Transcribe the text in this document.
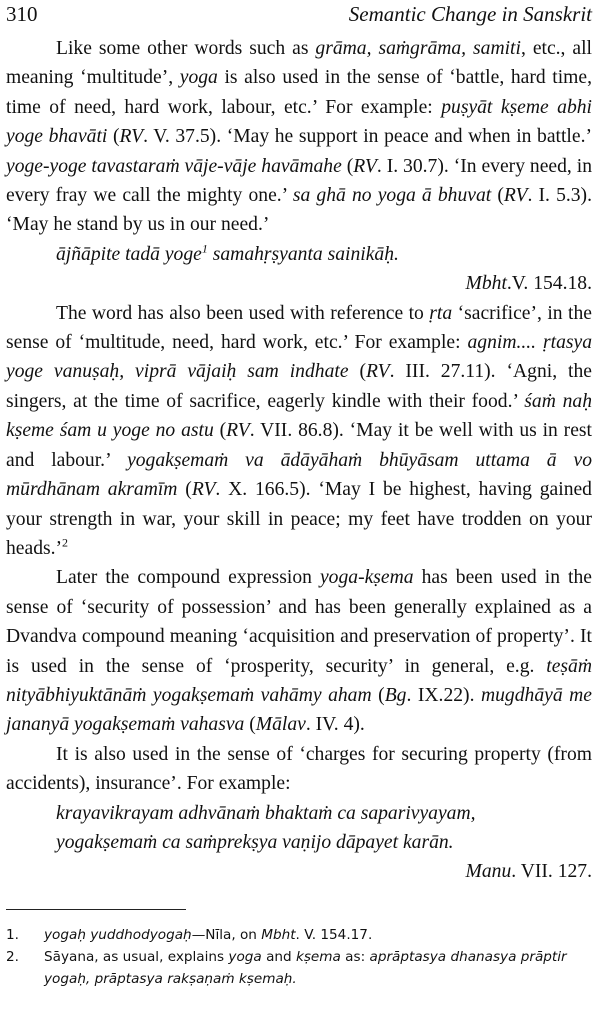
310	Semantic Change in Sanskrit

Like some other words such as grāma, saṁgrāma, samiti, etc., all meaning ‘multitude’, yoga is also used in the sense of ‘battle, hard time, time of need, hard work, labour, etc.’ For example: puṣyāt kṣeme abhi yoge bhavāti (RV. V. 37.5). ‘May he support in peace and when in battle.’ yoge-yoge tavastaraṁ vāje-vāje havāmahe (RV. I. 30.7). ‘In every need, in every fray we call the mighty one.’ sa ghā no yoga ā bhuvat (RV. I. 5.3). ‘May he stand by us in our need.’

ājñāpite tadā yoge$^1$ samahṛṣyanta sainikāḥ.

Mbht.V. 154.18.

The word has also been used with reference to ṛta ‘sacrifice’, in the sense of ‘multitude, need, hard work, etc.’ For example: agnim.... ṛtasya yoge vanuṣaḥ, viprā vājaiḥ sam indhate (RV. III. 27.11). ‘Agni, the singers, at the time of sacrifice, eagerly kindle with their food.’ śaṁ naḥ kṣeme śam u yoge no astu (RV. VII. 86.8). ‘May it be well with us in rest and labour.’ yogakṣemaṁ va ādāyāhaṁ bhūyāsam uttama ā vo mūrdhānam akramīm (RV. X. 166.5). ‘May I be highest, having gained your strength in war, your skill in peace; my feet have trodden on your heads.’$^2$

Later the compound expression yoga-kṣema has been used in the sense of ‘security of possession’ and has been generally explained as a Dvandva compound meaning ‘acquisition and preservation of property’. It is used in the sense of ‘prosperity, security’ in general, e.g. teṣāṁ nityābhiyuktānāṁ yogakṣemaṁ vahāmy aham (Bg. IX.22). mugdhāyā me jananyā yogakṣemaṁ vahasva (Mālav. IV. 4).

It is also used in the sense of ‘charges for securing property (from accidents), insurance’. For example:

krayavikrayam adhvānaṁ bhaktaṁ ca saparivyayam,

yogakṣemaṁ ca saṁprekṣya vaṇijo dāpayet karān.

Manu. VII. 127.

1.	yogaḥ yuddhodyogaḥ—Nīla, on Mbht. V. 154.17.
2.	Sāyana, as usual, explains yoga and kṣema as: aprāptasya dhanasya prāptir yogaḥ, prāptasya rakṣaṇaṁ kṣemaḥ.
